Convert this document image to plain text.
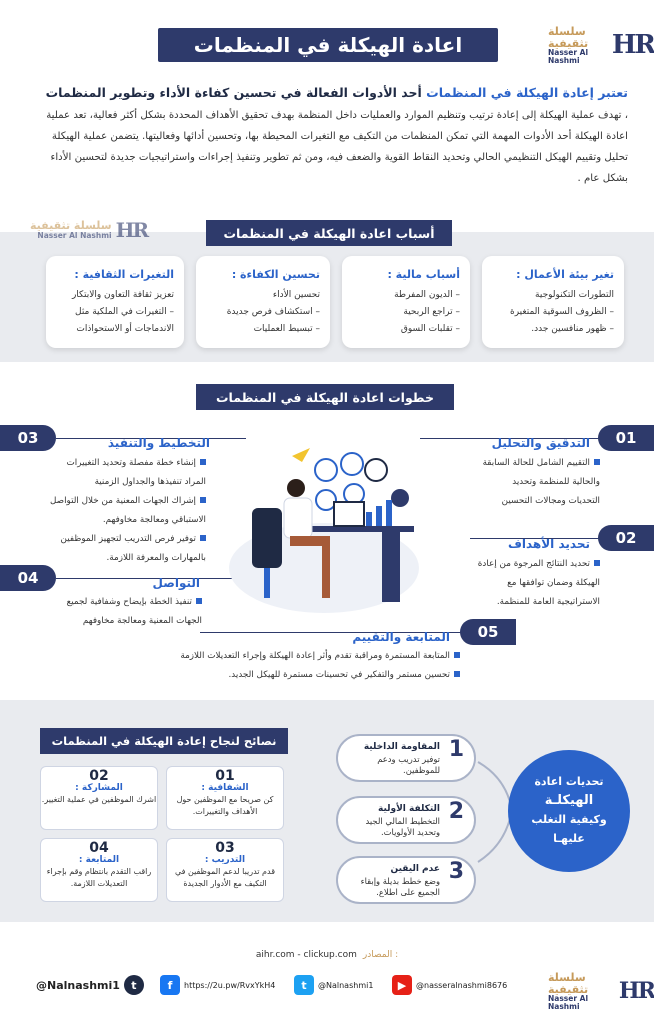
سلسلة تثقيفية
Nasser Al Nashmi
HR
اعادة الهيكلة في المنظمات
تعتبر إعادة الهيكلة في المنظمات أحد الأدوات الفعالة في تحسين كفاءة الأداء وتطوير المنظمات
، تهدف عملية الهيكلة إلى إعادة ترتيب وتنظيم الموارد والعمليات داخل المنظمة بهدف تحقيق الأهداف المحددة بشكل أكثر فعالية، تعد عملية اعادة الهيكلة أحد الأدوات المهمة التي تمكن المنظمات من التكيف مع التغيرات المحيطة بها، وتحسين أدائها وفعاليتها. يتضمن عملية الهيكلة تحليل وتقييم الهيكل التنظيمي الحالي وتحديد النقاط القوية والضعف فيه، ومن ثم تطوير وتنفيذ إجراءات واستراتيجيات جديدة لتحسين الأداء بشكل عام .
سلسلة تثقيفية
Nasser Al Nashmi HR	أسباب اعادة الهيكلة في المنظمات
تغير بيئة الأعمال :
التطورات التكنولوجية
– الظروف السوقية المتغيرة
– ظهور منافسين جدد.
أسباب مالية :
– الديون المفرطة
– تراجع الربحية
– تقلبات السوق
تحسين الكفاءة :
تحسين الأداء
– استكشاف فرص جديدة
– تبسيط العمليات
التغيرات الثقافية :
تعزيز ثقافة التعاون والابتكار
– التغيرات في الملكية مثل
الاندماجات أو الاستحواذات
خطوات اعادة الهيكلة في المنظمات
01
التدقيق والتحليل
التقييم الشامل للحالة السابقة
والحالية للمنظمة وتحديد
التحديات ومجالات التحسين
02
تحديد الأهداف
تحديد النتائج المرجوة من إعادة
الهيكلة وضمان توافقها مع
الاستراتيجية العامة للمنظمة.
03	التخطيط والتنفيذ
إنشاء خطة مفصلة وتحديد التغييرات
المراد تنفيذها والجداول الزمنية
إشراك الجهات المعنية من خلال التواصل
الاستباقي ومعالجة مخاوفهم.
توفير فرص التدريب لتجهيز الموظفين
بالمهارات والمعرفة اللازمة.
04	التواصل
تنفيذ الخطة بإيضاح وشفافية لجميع
الجهات المعنية ومعالجة مخاوفهم
05
المتابعة والتقييم
المتابعة المستمرة ومراقبة تقدم وأثر إعادة الهيكلة وإجراء التعديلات اللازمة
تحسين مستمر والتفكير في تحسينات مستمرة للهيكل الجديد.
نصائح لنجاح إعادة الهيكلة في المنظمات
01
الشفافية :
كن صريحا مع الموظفين حول الأهداف والتغييرات.
02
المشاركة :
اشرك الموظفين في عملية التغيير.
03
التدريب :
قدم تدريبا لدعم الموظفين في التكيف مع الأدوار الجديدة
04
المتابعة :
راقب التقدم بانتظام وقم بإجراء التعديلات اللازمة.
1
المقاومة الداخلية
توفير تدريب ودعم للموظفين.
2
التكلفة الأولية
التخطيط المالي الجيد وتحديد الأولويات.
3
عدم اليقين
وضع خطط بديلة وإبقاء الجميع على اطلاع.
تحديات اعادة
الهيكلـة
وكيفية التغلب
عليهـا
aihr.com - clickup.com المصادر :
@Nalnashmi1	t	f	https://2u.pw/RvxYkH4	t	@Nalnashmi1	▶	@nasseralnashmi8676
سلسلة تثقيفية
Nasser Al Nashmi
HR
